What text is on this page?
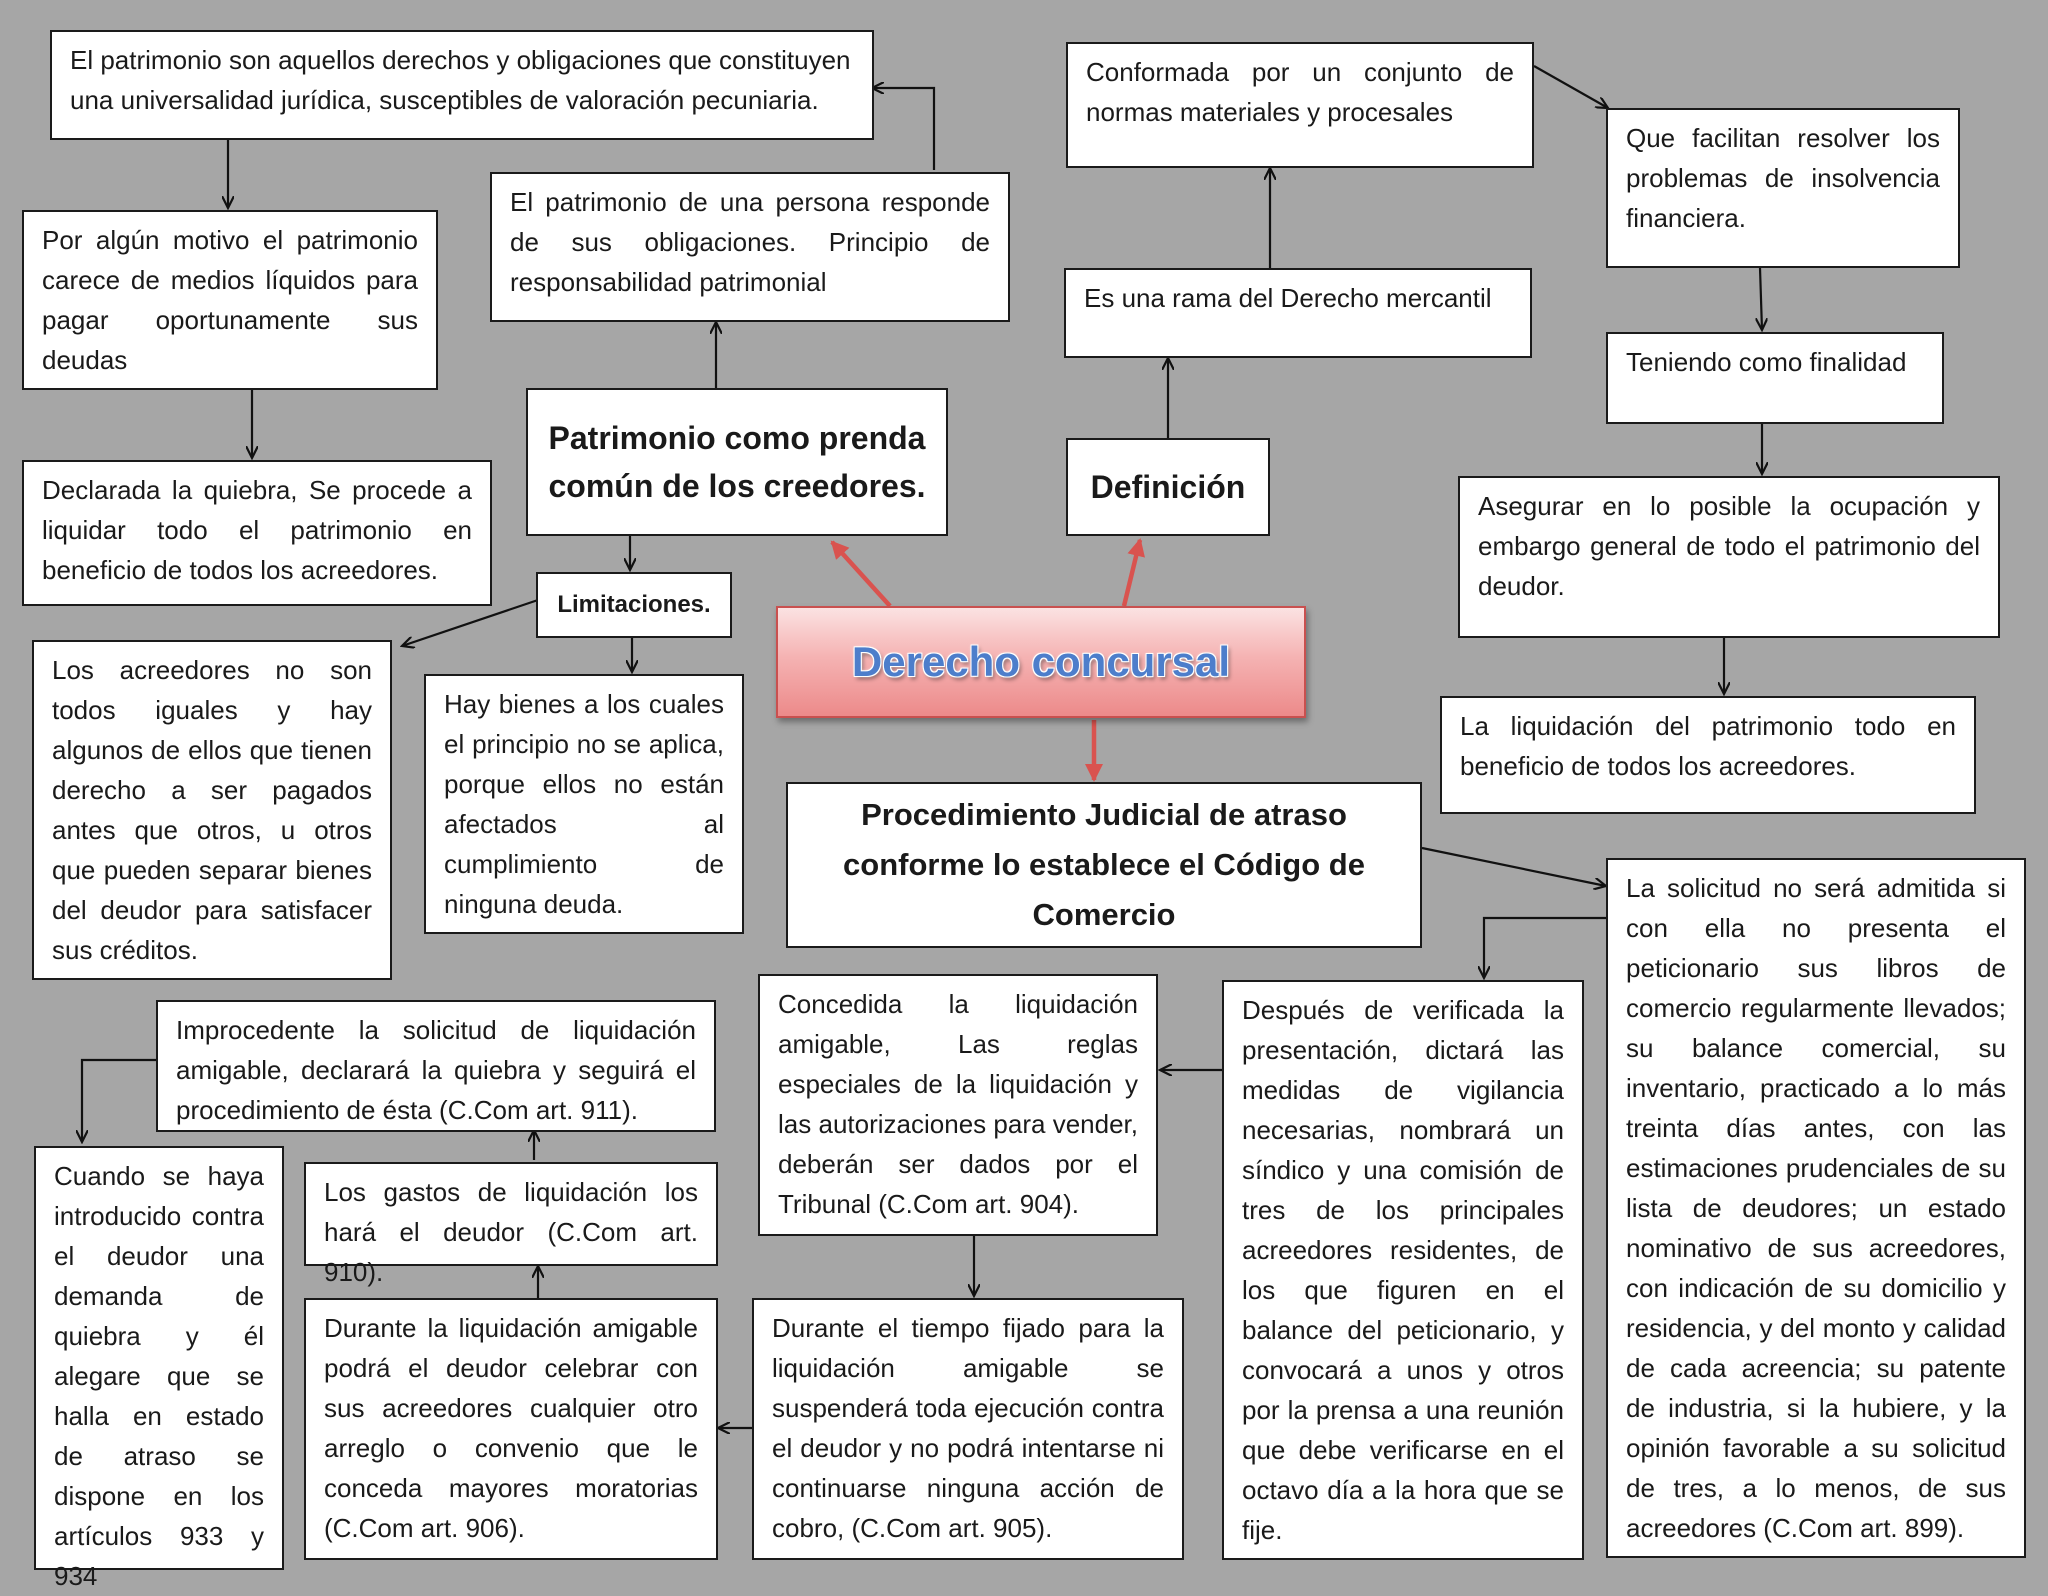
Derecho concursal

El patrimonio son aquellos derechos y obligaciones que constituyen una universalidad jurídica, susceptibles de valoración pecuniaria.

Por algún motivo el patrimonio carece de medios líquidos para pagar oportunamente sus deudas

Declarada la quiebra, Se procede a liquidar todo el patrimonio en beneficio de todos los acreedores.

El patrimonio de una persona responde de sus obligaciones. Principio de responsabilidad patrimonial

Patrimonio como prenda común de los creedores.
Limitaciones.

Los acreedores no son todos iguales y hay algunos de ellos que tienen derecho a ser pagados antes que otros, u otros que pueden separar bienes del deudor para satisfacer sus créditos.

Hay bienes a los cuales el principio no se aplica, porque ellos no están afectados al cumplimiento de ninguna deuda.

Conformada por un conjunto de normas materiales y procesales

Es una rama del Derecho mercantil

Definición

Que facilitan resolver los problemas de insolvencia financiera.

Teniendo como finalidad

Asegurar en lo posible la ocupación y embargo general de todo el patrimonio del deudor.

La liquidación del patrimonio todo en beneficio de todos los acreedores.

Procedimiento Judicial de atraso conforme lo establece el Código de Comercio

La solicitud no será admitida si con ella no presenta el peticionario sus libros de comercio regularmente llevados; su balance comercial, su inventario, practicado a lo más treinta días antes, con las estimaciones prudenciales de su lista de deudores; un estado nominativo de sus acreedores, con indicación de su domicilio y residencia, y del monto y calidad de cada acreencia; su patente de industria, si la hubiere, y la opinión favorable a su solicitud de tres, a lo menos, de sus acreedores (C.Com art. 899).

Después de verificada la presentación, dictará las medidas de vigilancia necesarias, nombrará un síndico y una comisión de tres de los principales acreedores residentes, de los que figuren en el balance del peticionario, y convocará a unos y otros por la prensa a una reunión que debe verificarse en el octavo día a la hora que se fije.

Concedida la liquidación amigable, Las reglas especiales de la liquidación y las autorizaciones para vender, deberán ser dados por el Tribunal (C.Com art. 904).

Durante el tiempo fijado para la liquidación amigable se suspenderá toda ejecución contra el deudor y no podrá intentarse ni continuarse ninguna acción de cobro, (C.Com art. 905).

Durante la liquidación amigable podrá el deudor celebrar con sus acreedores cualquier otro arreglo o convenio que le conceda mayores moratorias (C.Com art. 906).

Los gastos de liquidación los hará el deudor (C.Com art. 910).

Improcedente la solicitud de liquidación amigable, declarará la quiebra y seguirá el procedimiento de ésta (C.Com art. 911).

Cuando se haya introducido contra el deudor una demanda de quiebra y él alegare que se halla en estado de atraso se dispone en los artículos 933 y 934
